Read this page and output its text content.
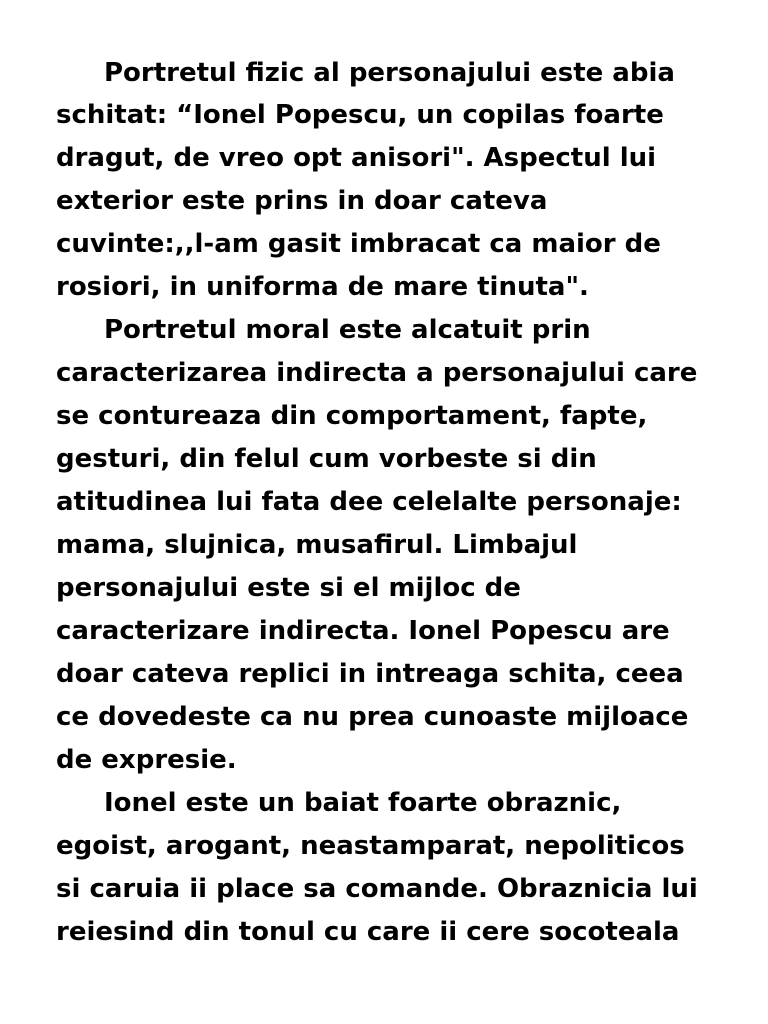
Portretul fizic al personajului este abia

schitat: “Ionel Popescu, un copilas foarte

dragut, de vreo opt anisori". Aspectul lui

exterior este prins in doar cateva

cuvinte:,,l-am gasit imbracat ca maior de

rosiori, in uniforma de mare tinuta".

Portretul moral este alcatuit prin

caracterizarea indirecta a personajului care

se contureaza din comportament, fapte,

gesturi, din felul cum vorbeste si din

atitudinea lui fata dee celelalte personaje:

mama, slujnica, musafirul. Limbajul

personajului este si el mijloc de

caracterizare indirecta. Ionel Popescu are

doar cateva replici in intreaga schita, ceea

ce dovedeste ca nu prea cunoaste mijloace

de expresie.

Ionel este un baiat foarte obraznic,

egoist, arogant, neastamparat, nepoliticos

si caruia ii place sa comande. Obraznicia lui

reiesind din tonul cu care ii cere socoteala
